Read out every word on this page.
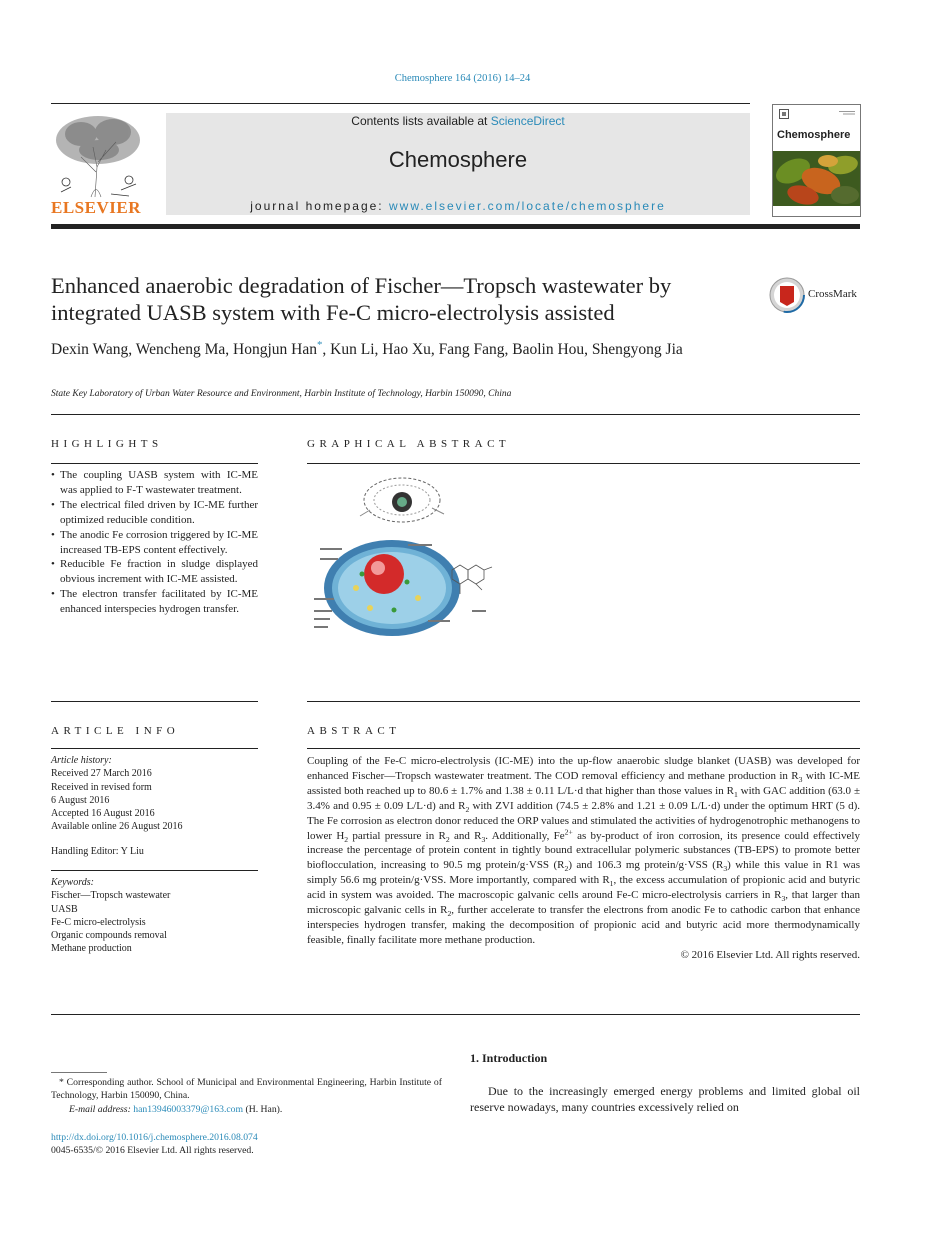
Chemosphere 164 (2016) 14–24
ELSEVIER
Contents lists available at ScienceDirect
Chemosphere
journal homepage: www.elsevier.com/locate/chemosphere
Chemosphere
Enhanced anaerobic degradation of Fischer—Tropsch wastewater by integrated UASB system with Fe-C micro-electrolysis assisted
CrossMark
Dexin Wang, Wencheng Ma, Hongjun Han*, Kun Li, Hao Xu, Fang Fang, Baolin Hou, Shengyong Jia
State Key Laboratory of Urban Water Resource and Environment, Harbin Institute of Technology, Harbin 150090, China
HIGHLIGHTS
• The coupling UASB system with IC-ME was applied to F-T wastewater treatment.
• The electrical filed driven by IC-ME further optimized reducible condition.
• The anodic Fe corrosion triggered by IC-ME increased TB-EPS content effectively.
• Reducible Fe fraction in sludge displayed obvious increment with IC-ME assisted.
• The electron transfer facilitated by IC-ME enhanced interspecies hydrogen transfer.
GRAPHICAL ABSTRACT
ARTICLE INFO
Article history:
Received 27 March 2016
Received in revised form
6 August 2016
Accepted 16 August 2016
Available online 26 August 2016
Handling Editor: Y Liu
Keywords:
Fischer—Tropsch wastewater
UASB
Fe-C micro-electrolysis
Organic compounds removal
Methane production
ABSTRACT
Coupling of the Fe-C micro-electrolysis (IC-ME) into the up-flow anaerobic sludge blanket (UASB) was developed for enhanced Fischer—Tropsch wastewater treatment. The COD removal efficiency and methane production in $R_3$ with IC-ME assisted both reached up to 80.6 ± 1.7% and 1.38 ± 0.11 L/L·d that higher than those values in $R_1$ with GAC addition (63.0 ± 3.4% and 0.95 ± 0.09 L/L·d) and $R_2$ with ZVI addition (74.5 ± 2.8% and 1.21 ± 0.09 L/L·d) under the optimum HRT (5 d). The Fe corrosion as electron donor reduced the ORP values and stimulated the activities of hydrogenotrophic methanogens to lower $H_2$ partial pressure in $R_2$ and $R_3$. Additionally, $Fe^{2+}$ as by-product of iron corrosion, its presence could effectively increase the percentage of protein content in tightly bound extracellular polymeric substances (TB-EPS) to promote better bioflocculation, increasing to 90.5 mg protein/g·VSS $(R_2)$ and 106.3 mg protein/g·VSS $(R_3)$ while this value in R1 was simply 56.6 mg protein/g·VSS. More importantly, compared with $R_1$, the excess accumulation of propionic acid and butyric acid in system was avoided. The macroscopic galvanic cells around Fe-C micro-electrolysis carriers in $R_3$, that larger than microscopic galvanic cells in $R_2$, further accelerate to transfer the electrons from anodic Fe to cathodic carbon that enhance interspecies hydrogen transfer, making the decomposition of propionic acid and butyric acid more thermodynamically feasible, finally facilitate more methane production.
© 2016 Elsevier Ltd. All rights reserved.
* Corresponding author. School of Municipal and Environmental Engineering, Harbin Institute of Technology, Harbin 150090, China.
E-mail address: han13946003379@163.com (H. Han).
http://dx.doi.org/10.1016/j.chemosphere.2016.08.074
0045-6535/© 2016 Elsevier Ltd. All rights reserved.
1. Introduction
Due to the increasingly emerged energy problems and limited global oil reserve nowadays, many countries excessively relied on
